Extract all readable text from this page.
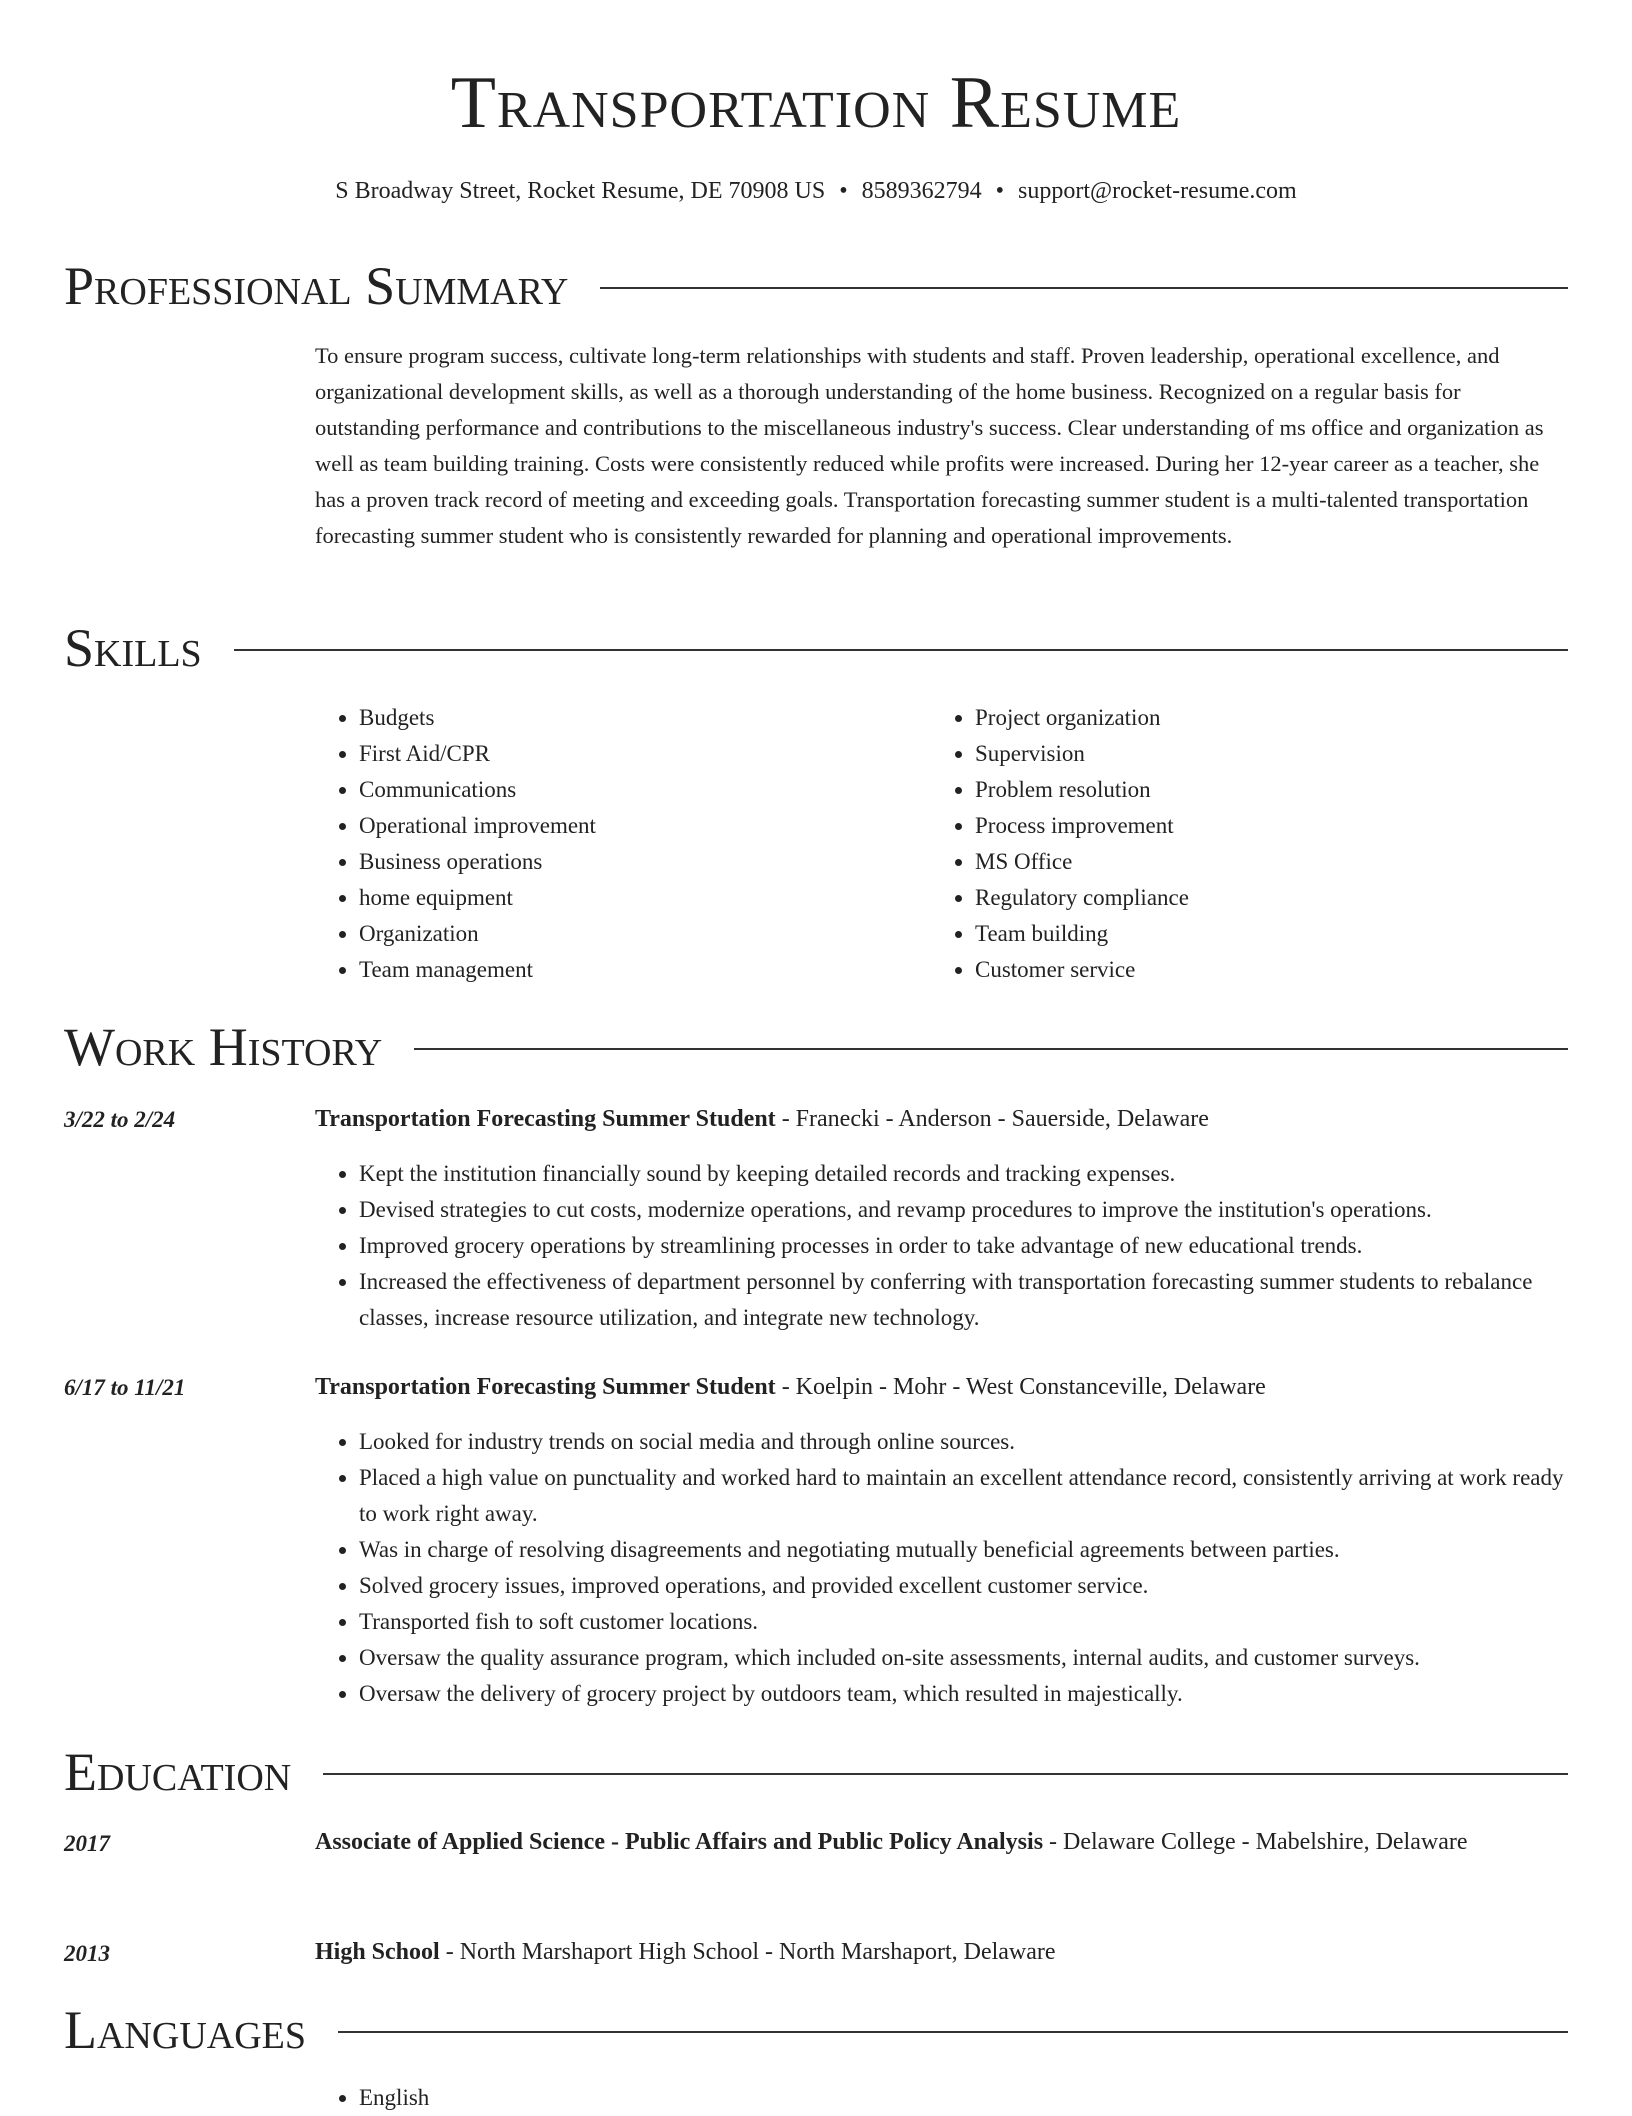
Transportation Resume
S Broadway Street, Rocket Resume, DE 70908 US • 8589362794 • support@rocket-resume.com
Professional Summary

To ensure program success, cultivate long-term relationships with students and staff. Proven leadership, operational excellence, and organizational development skills, as well as a thorough understanding of the home business. Recognized on a regular basis for outstanding performance and contributions to the miscellaneous industry's success. Clear understanding of ms office and organization as well as team building training. Costs were consistently reduced while profits were increased. During her 12-year career as a teacher, she has a proven track record of meeting and exceeding goals. Transportation forecasting summer student is a multi-talented transportation forecasting summer student who is consistently rewarded for planning and operational improvements.

Skills
• Budgets
• First Aid/CPR
• Communications
• Operational improvement
• Business operations
• home equipment
• Organization
• Team management
• Project organization
• Supervision
• Problem resolution
• Process improvement
• MS Office
• Regulatory compliance
• Team building
• Customer service
Work History
3/22 to 2/24	Transportation Forecasting Summer Student - Franecki - Anderson - Sauerside, Delaware
• Kept the institution financially sound by keeping detailed records and tracking expenses.
• Devised strategies to cut costs, modernize operations, and revamp procedures to improve the institution's operations.
• Improved grocery operations by streamlining processes in order to take advantage of new educational trends.
• Increased the effectiveness of department personnel by conferring with transportation forecasting summer students to rebalance classes, increase resource utilization, and integrate new technology.
6/17 to 11/21	Transportation Forecasting Summer Student - Koelpin - Mohr - West Constanceville, Delaware
• Looked for industry trends on social media and through online sources.
• Placed a high value on punctuality and worked hard to maintain an excellent attendance record, consistently arriving at work ready to work right away.
• Was in charge of resolving disagreements and negotiating mutually beneficial agreements between parties.
• Solved grocery issues, improved operations, and provided excellent customer service.
• Transported fish to soft customer locations.
• Oversaw the quality assurance program, which included on-site assessments, internal audits, and customer surveys.
• Oversaw the delivery of grocery project by outdoors team, which resulted in majestically.
Education
2017	Associate of Applied Science - Public Affairs and Public Policy Analysis - Delaware College - Mabelshire, Delaware
2013	High School - North Marshaport High School - North Marshaport, Delaware
Languages
• English
